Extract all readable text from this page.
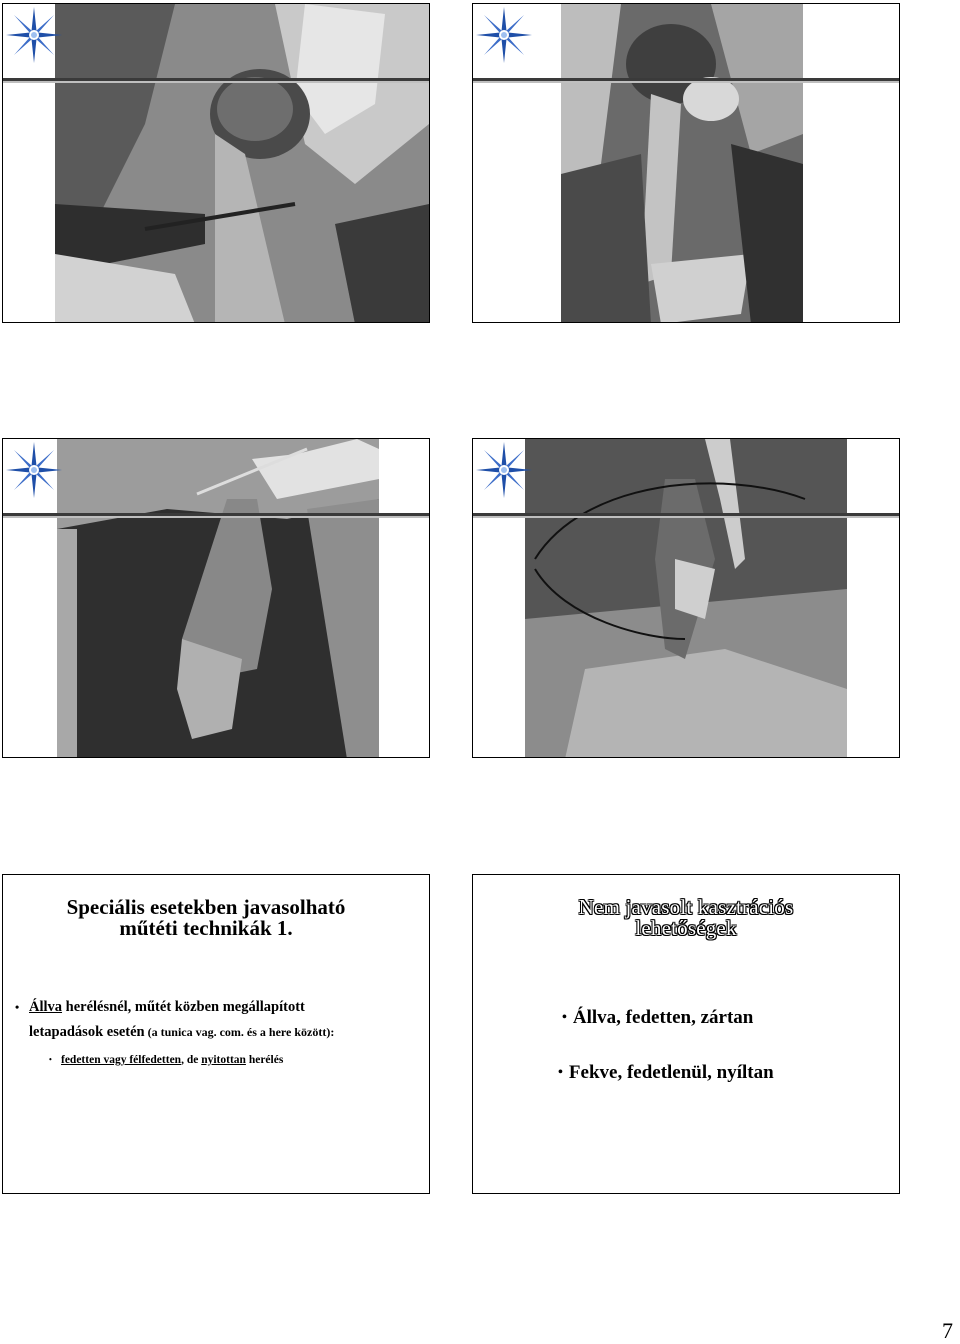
Speciális esetekben javasolható
műtéti technikák 1.
• Állva herélésnél, műtét közben megállapított
letapadások esetén (a tunica vag. com. és a here között):
• fedetten vagy félfedetten, de nyitottan herélés
Nem javasolt kasztrációs
lehetőségek
• Állva, fedetten, zártan
• Fekve, fedetlenül, nyíltan
7
